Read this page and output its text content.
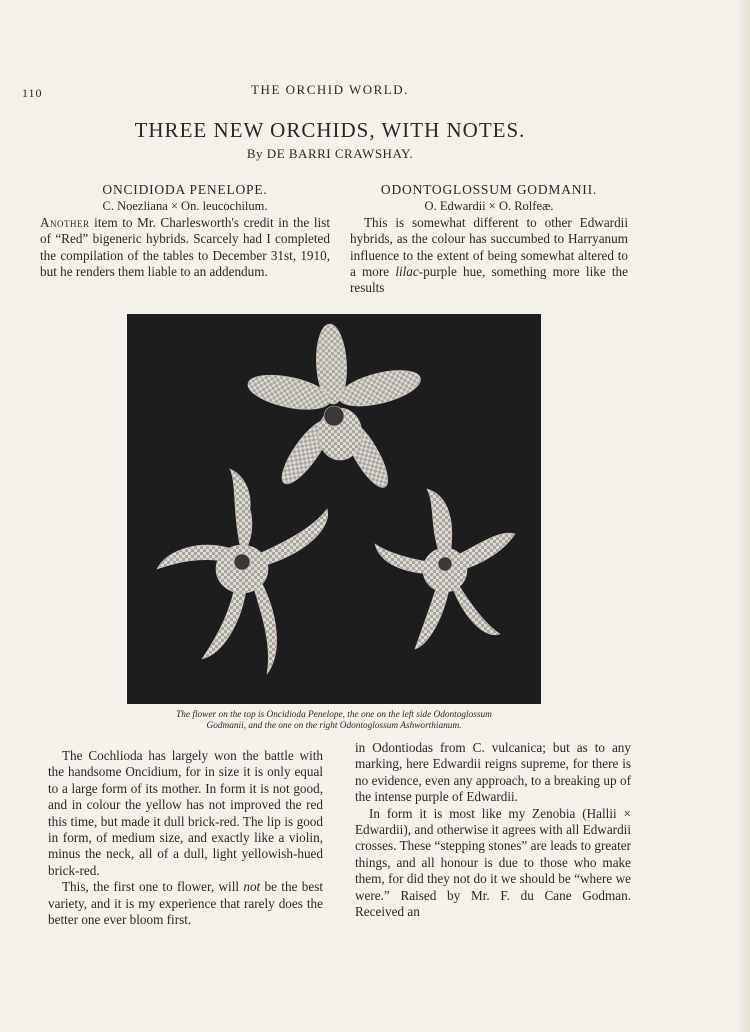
110	THE ORCHID WORLD.
THREE NEW ORCHIDS, WITH NOTES.
By DE BARRI CRAWSHAY.

ONCIDIODA PENELOPE.

C. Noezliana × On. leucochilum.

Another item to Mr. Charlesworth's credit in the list of “Red” bigeneric hybrids. Scarcely had I completed the compilation of the tables to December 31st, 1910, but he renders them liable to an addendum.

ODONTOGLOSSUM GODMANII.

O. Edwardii × O. Rolfeæ.

This is somewhat different to other Edwardii hybrids, as the colour has succumbed to Harryanum influence to the extent of being somewhat altered to a more lilac-purple hue, something more like the results

The flower on the top is Oncidioda Penelope, the one on the left side Odontoglossum
Godmanii, and the one on the right Odontoglossum Ashworthianum.

The Cochlioda has largely won the battle with the handsome Oncidium, for in size it is only equal to a large form of its mother. In form it is not good, and in colour the yellow has not improved the red this time, but made it dull brick-red. The lip is good in form, of medium size, and exactly like a violin, minus the neck, all of a dull, light yellowish-hued brick-red.

This, the first one to flower, will not be the best variety, and it is my experience that rarely does the better one ever bloom first.

in Odontiodas from C. vulcanica; but as to any marking, here Edwardii reigns supreme, for there is no evidence, even any approach, to a breaking up of the intense purple of Edwardii.

In form it is most like my Zenobia (Hallii × Edwardii), and otherwise it agrees with all Edwardii crosses. These “stepping stones” are leads to greater things, and all honour is due to those who make them, for did they not do it we should be “where we were.” Raised by Mr. F. du Cane Godman. Received an
